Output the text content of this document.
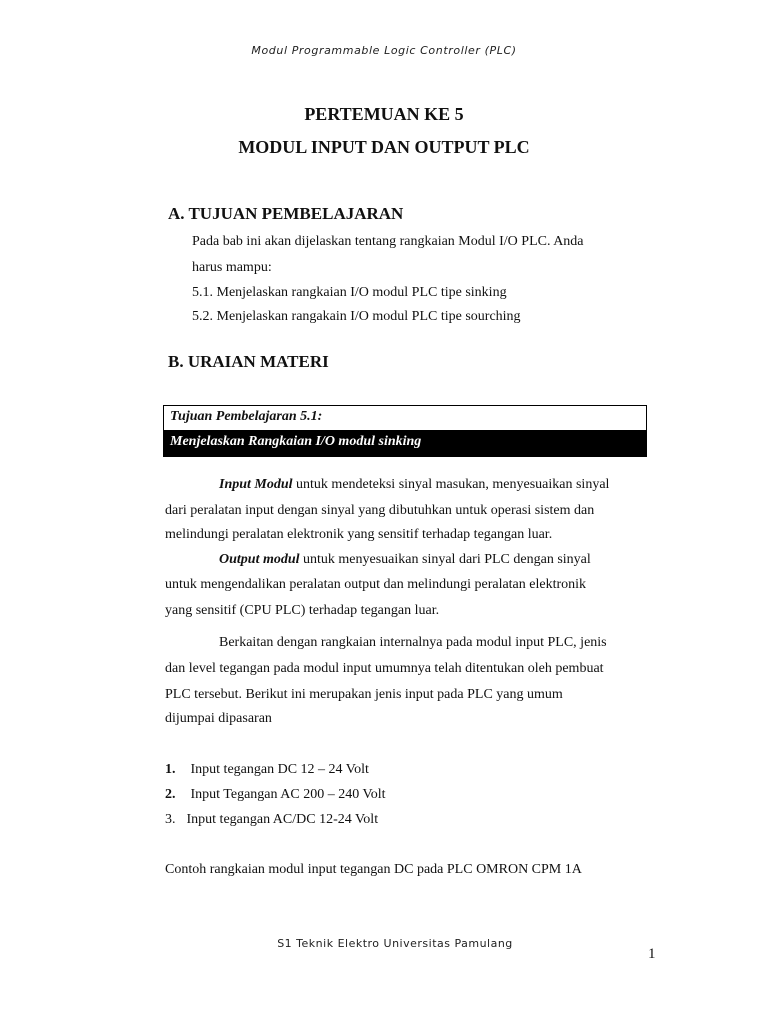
Modul Programmable Logic Controller (PLC)
PERTEMUAN KE 5
MODUL INPUT DAN OUTPUT PLC
A. TUJUAN PEMBELAJARAN
Pada bab ini akan dijelaskan tentang rangkaian Modul I/O PLC. Anda
harus mampu:
5.1. Menjelaskan rangkaian I/O modul PLC tipe sinking
5.2. Menjelaskan rangakain I/O modul PLC tipe sourching
B. URAIAN MATERI
Tujuan Pembelajaran 5.1:
Menjelaskan Rangkaian I/O modul sinking
Input Modul untuk mendeteksi sinyal masukan, menyesuaikan sinyal
dari peralatan input dengan sinyal yang dibutuhkan untuk operasi sistem dan
melindungi peralatan elektronik yang sensitif terhadap tegangan luar.
Output modul untuk menyesuaikan sinyal dari PLC dengan sinyal
untuk mengendalikan peralatan output dan melindungi peralatan elektronik
yang sensitif (CPU PLC) terhadap tegangan luar.
Berkaitan dengan rangkaian internalnya pada modul input PLC, jenis
dan level tegangan pada modul input umumnya telah ditentukan oleh pembuat
PLC tersebut. Berikut ini merupakan jenis input pada PLC yang umum
dijumpai dipasaran
1. Input tegangan DC 12 – 24 Volt
2. Input Tegangan AC 200 – 240 Volt
3. Input tegangan AC/DC 12-24 Volt
Contoh rangkaian modul input tegangan DC pada PLC OMRON CPM 1A
S1 Teknik Elektro Universitas Pamulang
1
